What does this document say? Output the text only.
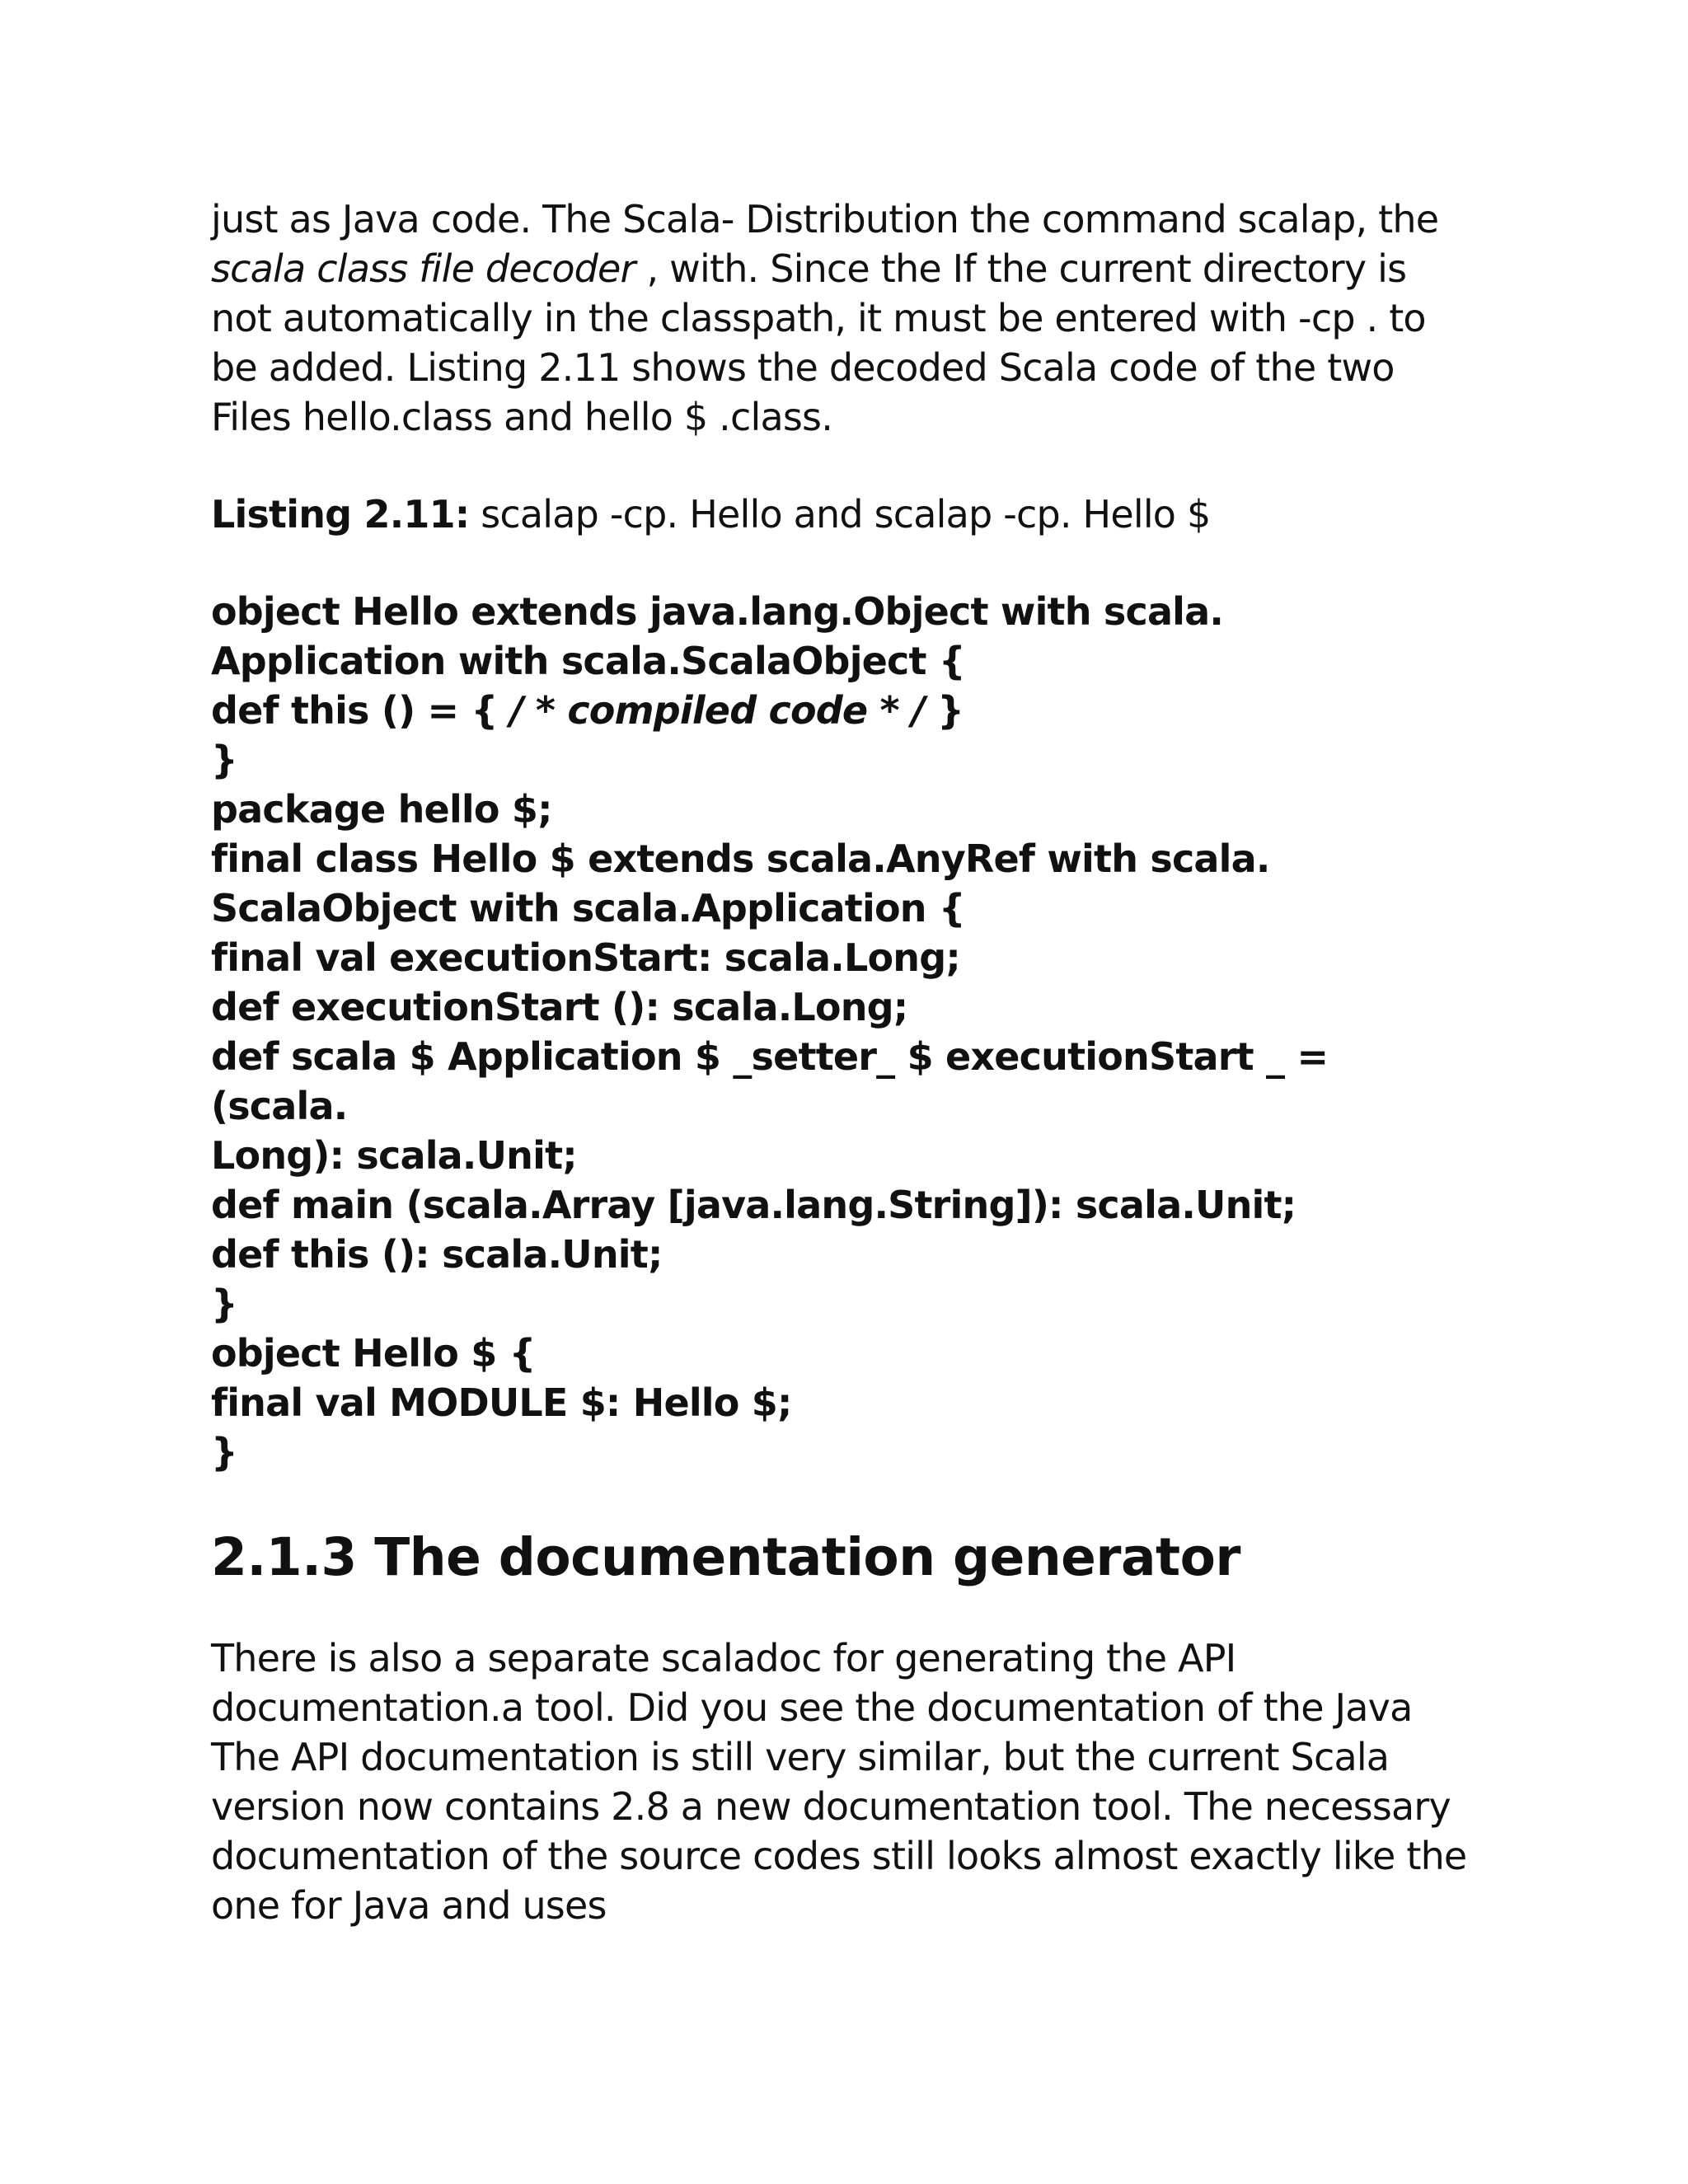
just as Java code. The Scala- Distribution the command scalap, the
scala class file decoder , with. Since the If the current directory is
not automatically in the classpath, it must be entered with -cp . to
be added. Listing 2.11 shows the decoded Scala code of the two
Files hello.class and hello $ .class.

Listing 2.11: scalap -cp. Hello and scalap -cp. Hello $

object Hello extends java.lang.Object with scala.
Application with scala.ScalaObject {
def this () = { / * compiled code * / }
}
package hello $;
final class Hello $ extends scala.AnyRef with scala.
ScalaObject with scala.Application {
final val executionStart: scala.Long;
def executionStart (): scala.Long;
def scala $ Application $ _setter_ $ executionStart _ =
(scala.
Long): scala.Unit;
def main (scala.Array [java.lang.String]): scala.Unit;
def this (): scala.Unit;
}
object Hello $ {
final val MODULE $: Hello $;
}
2.1.3 The documentation generator

There is also a separate scaladoc for generating the API
documentation.a tool. Did you see the documentation of the Java
The API documentation is still very similar, but the current Scala
version now contains 2.8 a new documentation tool. The necessary
documentation of the source codes still looks almost exactly like the
one for Java and uses
